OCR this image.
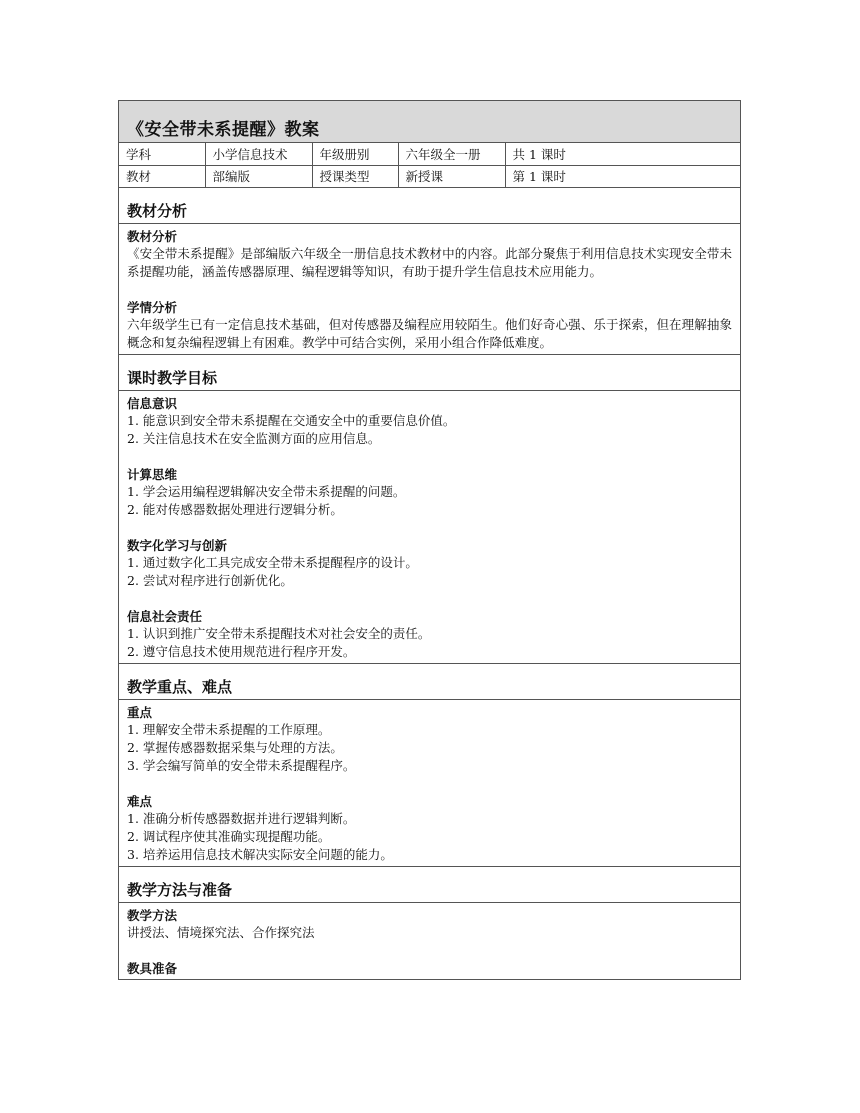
《安全带未系提醒》教案
学科	小学信息技术	年级册别	六年级全一册	共 1 课时
教材	部编版	授课类型	新授课	第 1 课时
教材分析
教材分析
《安全带未系提醒》是部编版六年级全一册信息技术教材中的内容。此部分聚焦于利用信息技术实现安全带未系提醒功能，涵盖传感器原理、编程逻辑等知识，有助于提升学生信息技术应用能力。
学情分析
六年级学生已有一定信息技术基础，但对传感器及编程应用较陌生。他们好奇心强、乐于探索，但在理解抽象概念和复杂编程逻辑上有困难。教学中可结合实例，采用小组合作降低难度。
课时教学目标
信息意识
1. 能意识到安全带未系提醒在交通安全中的重要信息价值。
2. 关注信息技术在安全监测方面的应用信息。
计算思维
1. 学会运用编程逻辑解决安全带未系提醒的问题。
2. 能对传感器数据处理进行逻辑分析。
数字化学习与创新
1. 通过数字化工具完成安全带未系提醒程序的设计。
2. 尝试对程序进行创新优化。
信息社会责任
1. 认识到推广安全带未系提醒技术对社会安全的责任。
2. 遵守信息技术使用规范进行程序开发。
教学重点、难点
重点
1. 理解安全带未系提醒的工作原理。
2. 掌握传感器数据采集与处理的方法。
3. 学会编写简单的安全带未系提醒程序。
难点
1. 准确分析传感器数据并进行逻辑判断。
2. 调试程序使其准确实现提醒功能。
3. 培养运用信息技术解决实际安全问题的能力。
教学方法与准备
教学方法
讲授法、情境探究法、合作探究法
教具准备
